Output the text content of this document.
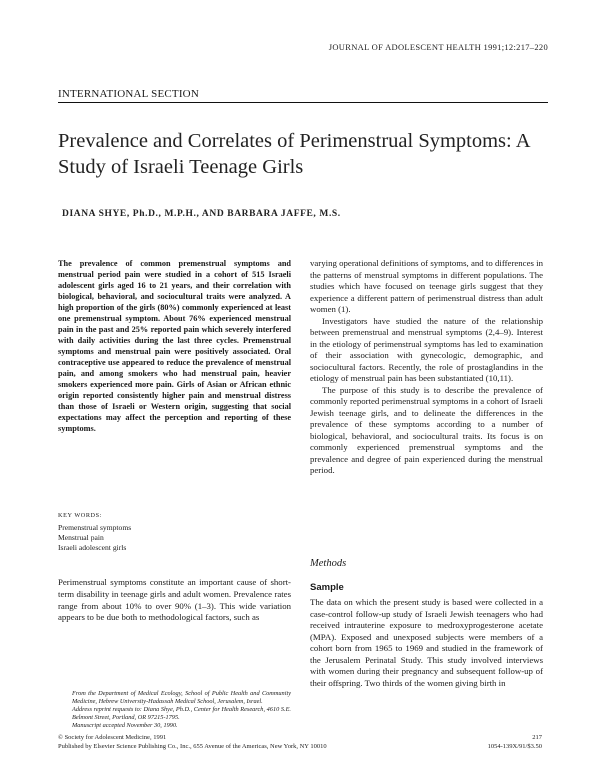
JOURNAL OF ADOLESCENT HEALTH 1991;12:217–220
INTERNATIONAL SECTION
Prevalence and Correlates of Perimenstrual Symptoms: A Study of Israeli Teenage Girls
DIANA SHYE, Ph.D., M.P.H., AND BARBARA JAFFE, M.S.
The prevalence of common premenstrual symptoms and menstrual period pain were studied in a cohort of 515 Israeli adolescent girls aged 16 to 21 years, and their correlation with biological, behavioral, and sociocultural traits were analyzed. A high proportion of the girls (80%) commonly experienced at least one premenstrual symptom. About 76% experienced menstrual pain in the past and 25% reported pain which severely interfered with daily activities during the last three cycles. Premenstrual symptoms and menstrual pain were positively associated. Oral contraceptive use appeared to reduce the prevalence of menstrual pain, and among smokers who had menstrual pain, heavier smokers experienced more pain. Girls of Asian or African ethnic origin reported consistently higher pain and menstrual distress than those of Israeli or Western origin, suggesting that social expectations may affect the perception and reporting of these symptoms.
KEY WORDS:
Premenstrual symptoms
Menstrual pain
Israeli adolescent girls
Perimenstrual symptoms constitute an important cause of short-term disability in teenage girls and adult women. Prevalence rates range from about 10% to over 90% (1–3). This wide variation appears to be due both to methodological factors, such as
From the Department of Medical Ecology, School of Public Health and Community Medicine, Hebrew University-Hadassah Medical School, Jerusalem, Israel.
Address reprint requests to: Diana Shye, Ph.D., Center for Health Research, 4610 S.E. Belmont Street, Portland, OR 97215-1795.
Manuscript accepted November 30, 1990.

varying operational definitions of symptoms, and to differences in the patterns of menstrual symptoms in different populations. The studies which have focused on teenage girls suggest that they experience a different pattern of perimenstrual distress than adult women (1).

Investigators have studied the nature of the relationship between premenstrual and menstrual symptoms (2,4–9). Interest in the etiology of perimenstrual symptoms has led to examination of their association with gynecologic, demographic, and sociocultural factors. Recently, the role of prostaglandins in the etiology of menstrual pain has been substantiated (10,11).

The purpose of this study is to describe the prevalence of commonly reported perimenstrual symptoms in a cohort of Israeli Jewish teenage girls, and to delineate the differences in the prevalence of these symptoms according to a number of biological, behavioral, and sociocultural traits. Its focus is on commonly experienced premenstrual symptoms and the prevalence and degree of pain experienced during the menstrual period.

Methods
Sample
The data on which the present study is based were collected in a case-control follow-up study of Israeli Jewish teenagers who had received intrauterine exposure to medroxyprogesterone acetate (MPA). Exposed and unexposed subjects were members of a cohort born from 1965 to 1969 and studied in the framework of the Jerusalem Perinatal Study. This study involved interviews with women during their pregnancy and subsequent follow-up of their offspring. Two thirds of the women giving birth in
© Society for Adolescent Medicine, 1991
Published by Elsevier Science Publishing Co., Inc., 655 Avenue of the Americas, New York, NY 10010
217
1054-139X/91/$3.50
